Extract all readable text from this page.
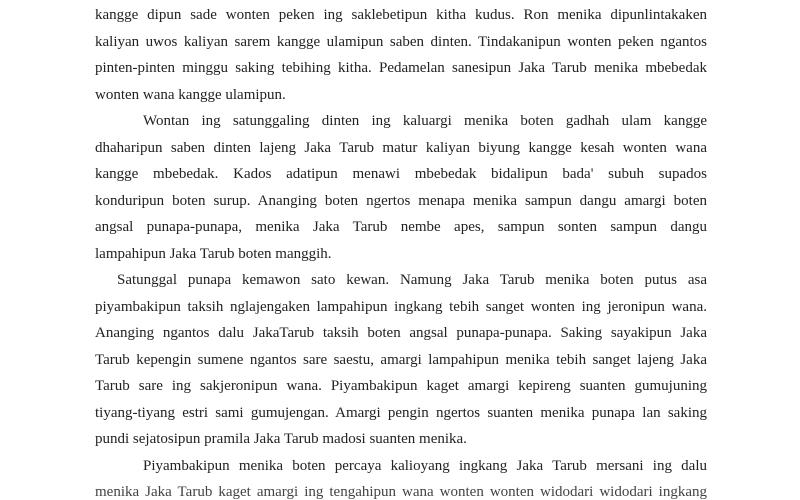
kangge dipun sade wonten peken ing saklebetipun kitha kudus. Ron menika dipunlintakaken
kaliyan uwos kaliyan sarem kangge ulamipun saben dinten. Tindakanipun wonten peken ngantos
pinten-pinten minggu saking tebihing kitha. Pedamelan sanesipun Jaka Tarub menika mbebedak
wonten wana kangge ulamipun.
Wontan ing satunggaling dinten ing kaluargi menika boten gadhah ulam kangge
dhaharipun saben dinten lajeng Jaka Tarub matur kaliyan biyung kangge kesah wonten wana
kangge mbebedak. Kados adatipun menawi mbebedak bidalipun bada' subuh supados
konduripun boten surup. Ananging boten ngertos menapa menika sampun dangu amargi boten
angsal punapa-punapa, menika Jaka Tarub nembe apes, sampun sonten sampun dangu
lampahipun Jaka Tarub boten manggih.
Satunggal punapa kemawon sato kewan. Namung Jaka Tarub menika boten putus asa
piyambakipun taksih nglajengaken lampahipun ingkang tebih sanget wonten ing jeronipun wana.
Ananging ngantos dalu JakaTarub taksih boten angsal punapa-punapa. Saking sayakipun Jaka
Tarub kepengin sumene ngantos sare saestu, amargi lampahipun menika tebih sanget lajeng Jaka
Tarub sare ing sakjeronipun wana. Piyambakipun kaget amargi kepireng suanten gumujuning
tiyang-tiyang estri sami gumujengan. Amargi pengin ngertos suanten menika punapa lan saking
pundi sejatosipun pramila Jaka Tarub madosi suanten menika.
Piyambakipun menika boten percaya kalioyang ingkang Jaka Tarub mersani ing dalu
menika Jaka Tarub kaget amargi ing tengahipun wana wonten wonten widodari widodari ingkang
